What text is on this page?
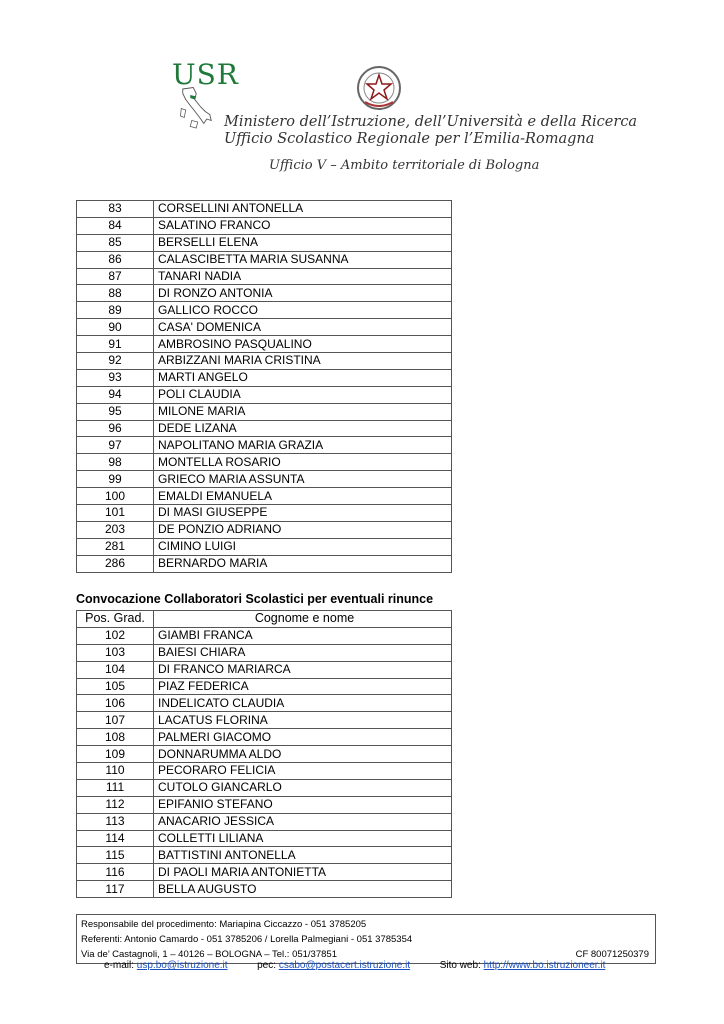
USR
Ministero dell’Istruzione, dell’Università e della Ricerca
Ufficio Scolastico Regionale per l’Emilia-Romagna
Ufficio V – Ambito territoriale di Bologna
83	CORSELLINI ANTONELLA
84	SALATINO FRANCO
85	BERSELLI ELENA
86	CALASCIBETTA MARIA SUSANNA
87	TANARI NADIA
88	DI RONZO ANTONIA
89	GALLICO ROCCO
90	CASA' DOMENICA
91	AMBROSINO PASQUALINO
92	ARBIZZANI MARIA CRISTINA
93	MARTI ANGELO
94	POLI CLAUDIA
95	MILONE MARIA
96	DEDE LIZANA
97	NAPOLITANO MARIA GRAZIA
98	MONTELLA ROSARIO
99	GRIECO MARIA ASSUNTA
100	EMALDI EMANUELA
101	DI MASI GIUSEPPE
203	DE PONZIO ADRIANO
281	CIMINO LUIGI
286	BERNARDO MARIA
Convocazione Collaboratori Scolastici per eventuali rinunce
Pos. Grad.	Cognome e nome
102	GIAMBI FRANCA
103	BAIESI CHIARA
104	DI FRANCO MARIARCA
105	PIAZ FEDERICA
106	INDELICATO CLAUDIA
107	LACATUS FLORINA
108	PALMERI GIACOMO
109	DONNARUMMA ALDO
110	PECORARO FELICIA
111	CUTOLO GIANCARLO
112	EPIFANIO STEFANO
113	ANACARIO JESSICA
114	COLLETTI LILIANA
115	BATTISTINI ANTONELLA
116	DI PAOLI MARIA ANTONIETTA
117	BELLA AUGUSTO
Responsabile del procedimento: Mariapina Ciccazzo - 051 3785205
Referenti: Antonio Camardo - 051 3785206 / Lorella Palmegiani - 051 3785354
Via de’ Castagnoli, 1 – 40126 – BOLOGNA – Tel.: 051/37851	CF 80071250379
e-mail: usp.bo@istruzione.it	pec: csabo@postacert.istruzione.it	Sito web: http://www.bo.istruzioneer.it
